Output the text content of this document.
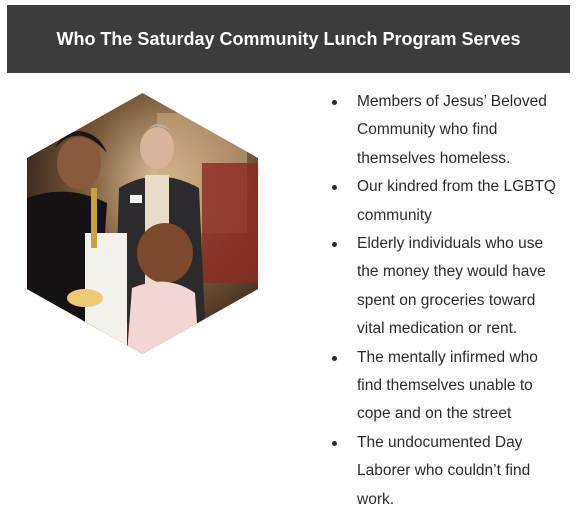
Who The Saturday Community Lunch Program Serves
Members of Jesus’ Beloved Community who find themselves homeless.
Our kindred from the LGBTQ community
Elderly individuals who use the money they would have spent on groceries toward vital medication or rent.
The mentally infirmed who find themselves unable to cope and on the street
The undocumented Day Laborer who couldn’t find work.
